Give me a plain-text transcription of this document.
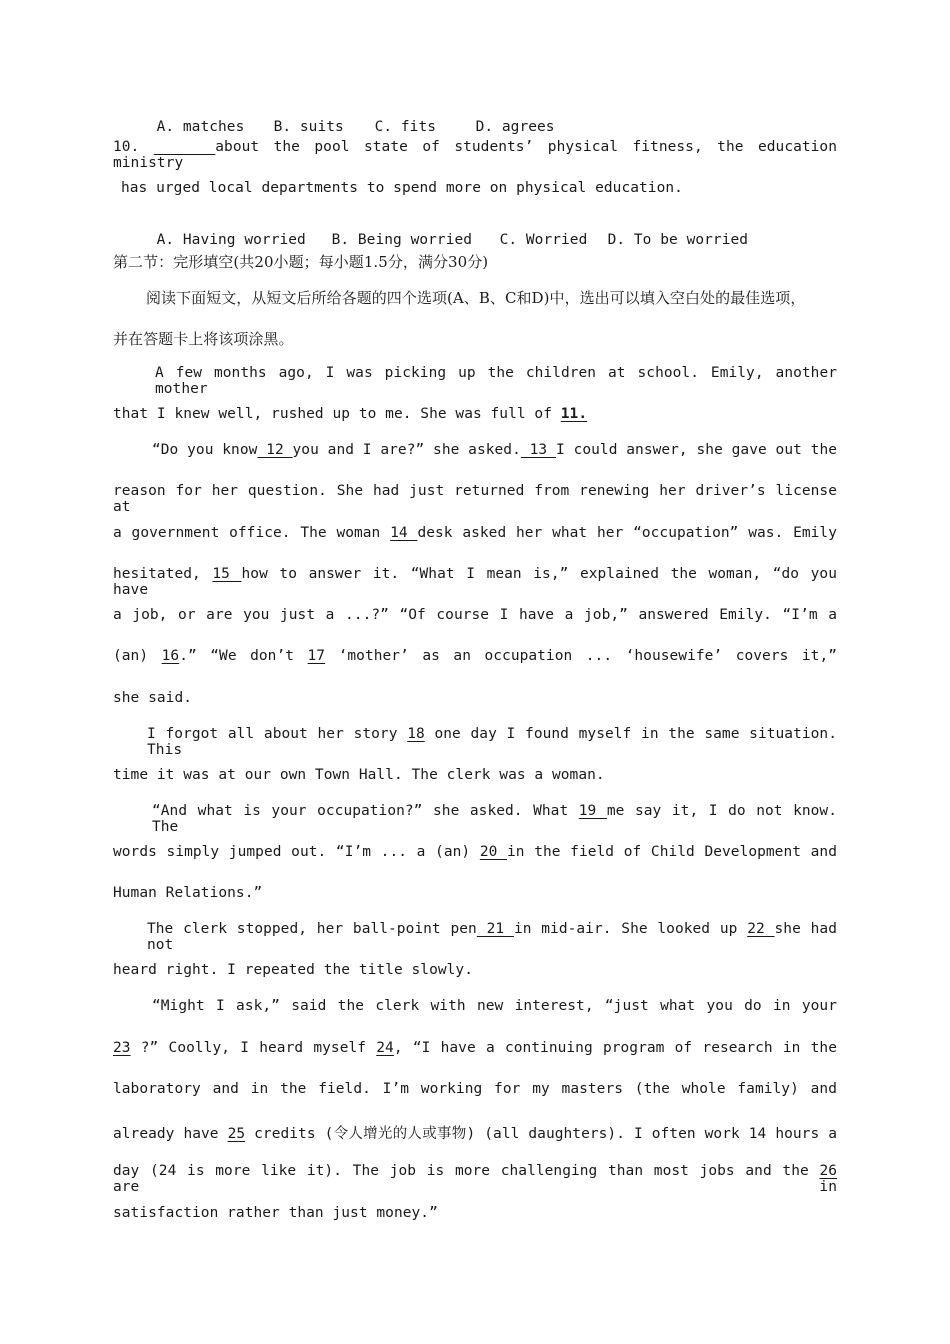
A. matches B. suits C. fits	D. agrees

10. _______about the pool state of students’ physical fitness, the education ministry
has urged local departments to spend more on physical education.

A. Having worried B. Being worried C. Worried D. To be worried

第二节：完形填空(共20小题；每小题1.5分，满分30分)
阅读下面短文，从短文后所给各题的四个选项(A、B、C和D)中，选出可以填入空白处的最佳选项，
并在答题卡上将该项涂黑。
A few months ago, I was picking up the children at school. Emily, another mother
that I knew well, rushed up to me. She was full of 11.
“Do you know 12 you and I are?” she asked. 13 I could answer, she gave out the
reason for her question. She had just returned from renewing her driver’s license at
a government office. The woman 14 desk asked her what her “occupation” was. Emily
hesitated, 15 how to answer it. “What I mean is,” explained the woman, “do you have
a job, or are you just a ...?” “Of course I have a job,” answered Emily. “I’m a
(an) 16.” “We don’t 17 ‘mother’ as an occupation ... ‘housewife’ covers it,”
she said.
I forgot all about her story 18 one day I found myself in the same situation. This
time it was at our own Town Hall. The clerk was a woman.
“And what is your occupation?” she asked. What 19 me say it, I do not know. The
words simply jumped out. “I’m ... a (an) 20 in the field of Child Development and
Human Relations.”
The clerk stopped, her ball-point pen 21 in mid-air. She looked up 22 she had not
heard right. I repeated the title slowly.
“Might I ask,” said the clerk with new interest, “just what you do in your
23 ?” Coolly, I heard myself 24, “I have a continuing program of research in the
laboratory and in the field. I’m working for my masters (the whole family) and
already have 25 credits (令人增光的人或事物) (all daughters). I often work 14 hours a
day (24 is more like it). The job is more challenging than most jobs and the 26 are in
satisfaction rather than just money.”
